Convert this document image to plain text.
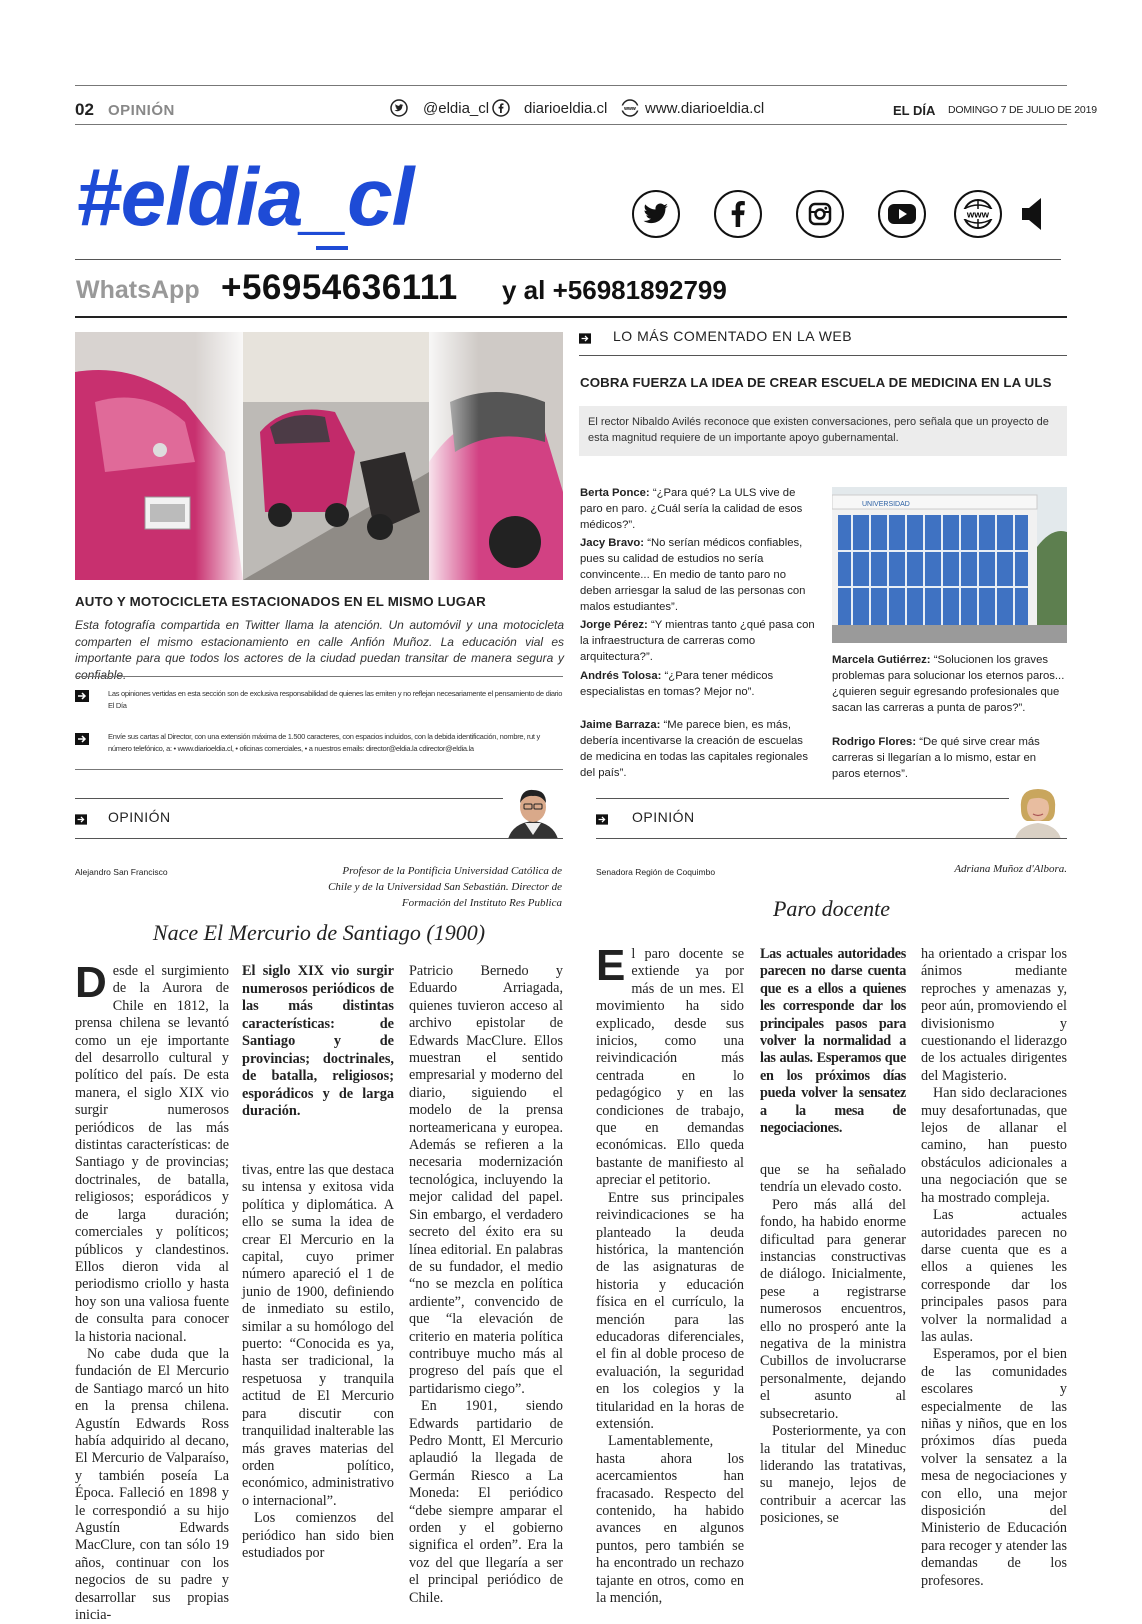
02 OPINIÓN	@eldia_cl diarioeldia.cl	www www.diarioeldia.cl	EL DÍA DOMINGO 7 DE JULIO DE 2019
#eldia_cl	www
WhatsApp +56954636111 y al +56981892799
AUTO Y MOTOCICLETA ESTACIONADOS EN EL MISMO LUGAR
Esta fotografía compartida en Twitter llama la atención. Un automóvil y una motocicleta comparten el mismo estacionamiento en calle Anfión Muñoz. La educación vial es importante para que todos los actores de la ciudad puedan transitar de manera segura y confiable.
Las opiniones vertidas en esta sección son de exclusiva responsabilidad de quienes las emiten y no reflejan necesariamente el pensamiento de diario El Día
Envíe sus cartas al Director, con una extensión máxima de 1.500 caracteres, con espacios incluidos, con la debida identificación, nombre, rut y número telefónico, a: • www.diarioeldia.cl, • oficinas comerciales, • a nuestros emails: director@eldia.la cdirector@eldia.la
LO MÁS COMENTADO EN LA WEB
COBRA FUERZA LA IDEA DE CREAR ESCUELA DE MEDICINA EN LA ULS
El rector Nibaldo Avilés reconoce que existen conversaciones, pero señala que un proyecto de esta magnitud requiere de un importante apoyo gubernamental.
Berta Ponce: “¿Para qué? La ULS vive de paro en paro. ¿Cuál sería la calidad de esos médicos?”.
Jacy Bravo: “No serían médicos confiables, pues su calidad de estudios no sería convincente... En medio de tanto paro no deben arriesgar la salud de las personas con malos estudiantes”.
Jorge Pérez: “Y mientras tanto ¿qué pasa con la infraestructura de carreras como arquitectura?”.
Andrés Tolosa: “¿Para tener médicos especialistas en tomas? Mejor no”.
Jaime Barraza: “Me parece bien, es más, debería incentivarse la creación de escuelas de medicina en todas las capitales regionales del país”.
UNIVERSIDAD
Marcela Gutiérrez: “Solucionen los graves problemas para solucionar los eternos paros... ¿quieren seguir egresando profesionales que sacan las carreras a punta de paros?”.
Rodrigo Flores: “De qué sirve crear más carreras si llegarían a lo mismo, estar en paros eternos”.
OPINIÓN
Alejandro San Francisco	Profesor de la Pontificia Universidad Católica de Chile y de la Universidad San Sebastián. Director de Formación del Instituto Res Publica
Nace El Mercurio de Santiago (1900)

Desde el surgimiento de la Aurora de Chile en 1812, la prensa chilena se levantó como un eje importante del desarrollo cultural y político del país. De esta manera, el siglo XIX vio surgir numerosos periódicos de las más distintas características: de Santiago y de provincias; doctrinales, de batalla, religiosos; esporádicos y de larga duración; comerciales y políticos; públicos y clandestinos. Ellos dieron vida al periodismo criollo y hasta hoy son una valiosa fuente de consulta para conocer la historia nacional.

No cabe duda que la fundación de El Mercurio de Santiago marcó un hito en la prensa chilena. Agustín Edwards Ross había adquirido al decano, El Mercurio de Valparaíso, y también poseía La Época. Falleció en 1898 y le correspondió a su hijo Agustín Edwards MacClure, con tan sólo 19 años, continuar con los negocios de su padre y desarrollar sus propias inicia-

El siglo XIX vio surgir numerosos periódicos de las más distintas características: de Santiago y de provincias; doctrinales, de batalla, religiosos; esporádicos y de larga duración.

tivas, entre las que destaca su intensa y exitosa vida política y diplomática. A ello se suma la idea de crear El Mercurio en la capital, cuyo primer número apareció el 1 de junio de 1900, definiendo de inmediato su estilo, similar a su homólogo del puerto: “Conocida es ya, hasta ser tradicional, la respetuosa y tranquila actitud de El Mercurio para discutir con tranquilidad inalterable las más graves materias del orden político, económico, administrativo o internacional”.

Los comienzos del periódico han sido bien estudiados por

Patricio Bernedo y Eduardo Arriagada, quienes tuvieron acceso al archivo epistolar de Edwards MacClure. Ellos muestran el sentido empresarial y moderno del diario, siguiendo el modelo de la prensa norteamericana y europea. Además se refieren a la necesaria modernización tecnológica, incluyendo la mejor calidad del papel. Sin embargo, el verdadero secreto del éxito era su línea editorial. En palabras de su fundador, el medio “no se mezcla en política ardiente”, convencido de que “la elevación de criterio en materia política contribuye mucho más al progreso del país que el partidarismo ciego”.

En 1901, siendo Edwards partidario de Pedro Montt, El Mercurio aplaudió la llegada de Germán Riesco a La Moneda: El periódico “debe siempre amparar el orden y el gobierno significa el orden”. Era la voz del que llegaría a ser el principal periódico de Chile.

OPINIÓN
Senadora Región de Coquimbo	Adriana Muñoz d'Albora.
Paro docente

El paro docente se extiende ya por más de un mes. El movimiento ha sido explicado, desde sus inicios, como una reivindicación más centrada en lo pedagógico y en las condiciones de trabajo, que en demandas económicas. Ello queda bastante de manifiesto al apreciar el petitorio.

Entre sus principales reivindicaciones se ha planteado la deuda histórica, la mantención de las asignaturas de historia y educación física en el currículo, la mención para las educadoras diferenciales, el fin al doble proceso de evaluación, la seguridad en los colegios y la titularidad en la horas de extensión.

Lamentablemente, hasta ahora los acercamientos han fracasado. Respecto del contenido, ha habido avances en algunos puntos, pero también se ha encontrado un rechazo tajante en otros, como en la mención,

Las actuales autoridades parecen no darse cuenta que es a ellos a quienes les corresponde dar los principales pasos para volver la normalidad a las aulas. Esperamos que en los próximos días pueda volver la sensatez a la mesa de negociaciones.

que se ha señalado tendría un elevado costo.

Pero más allá del fondo, ha habido enorme dificultad para generar instancias constructivas de diálogo. Inicialmente, pese a registrarse numerosos encuentros, ello no prosperó ante la negativa de la ministra Cubillos de involucrarse personalmente, dejando el asunto al subsecretario.

Posteriormente, ya con la titular del Mineduc liderando las tratativas, su manejo, lejos de contribuir a acercar las posiciones, se

ha orientado a crispar los ánimos mediante reproches y amenazas y, peor aún, promoviendo el divisionismo y cuestionando el liderazgo de los actuales dirigentes del Magisterio.

Han sido declaraciones muy desafortunadas, que lejos de allanar el camino, han puesto obstáculos adicionales a una negociación que se ha mostrado compleja.

Las actuales autoridades parecen no darse cuenta que es a ellos a quienes les corresponde dar los principales pasos para volver la normalidad a las aulas.

Esperamos, por el bien de las comunidades escolares y especialmente de las niñas y niños, que en los próximos días pueda volver la sensatez a la mesa de negociaciones y con ello, una mejor disposición del Ministerio de Educación para recoger y atender las demandas de los profesores.
